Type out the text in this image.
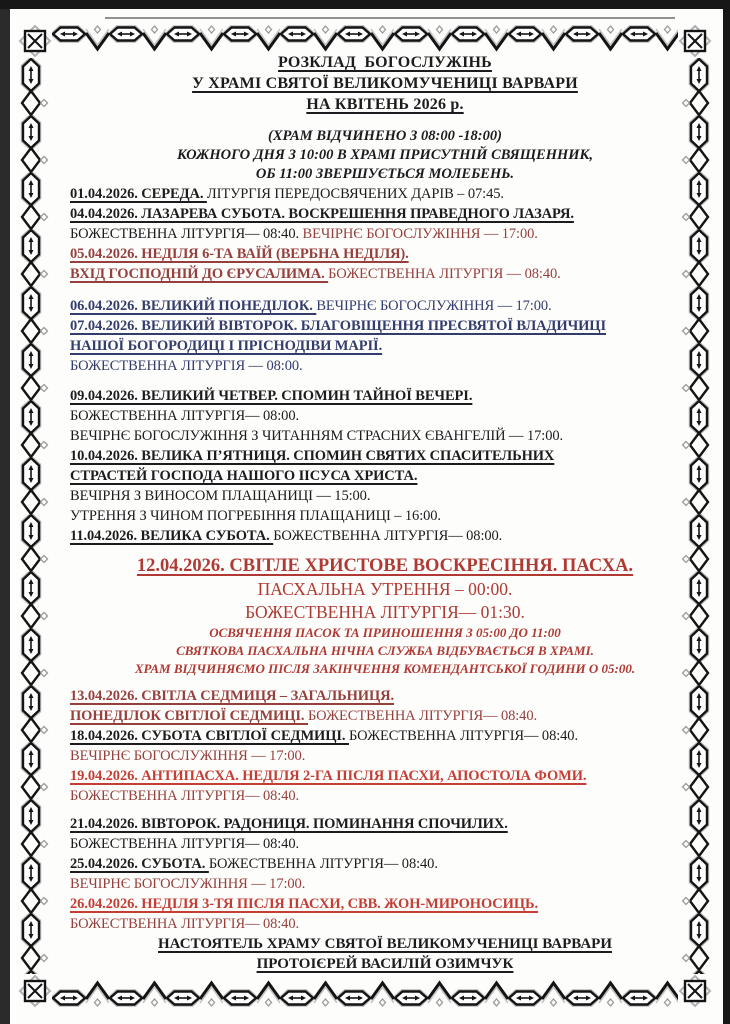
РОЗКЛАД  БОГОСЛУЖІНЬ
У ХРАМІ СВЯТОЇ ВЕЛИКОМУЧЕНИЦІ ВАРВАРИ
НА КВІТЕНЬ 2026 р.
(ХРАМ ВІДЧИНЕНО З 08:00 -18:00)
КОЖНОГО ДНЯ З 10:00 В ХРАМІ ПРИСУТНІЙ СВЯЩЕННИК,
ОБ 11:00 ЗВЕРШУЄТЬСЯ МОЛЕБЕНЬ.
01.04.2026. СЕРЕДА. ЛІТУРГІЯ ПЕРЕДОСВЯЧЕНИХ ДАРІВ – 07:45.
04.04.2026. ЛАЗАРЕВА СУБОТА. ВОСКРЕШЕННЯ ПРАВЕДНОГО ЛАЗАРЯ.
БОЖЕСТВЕННА ЛІТУРГІЯ— 08:40. ВЕЧІРНЄ БОГОСЛУЖІННЯ — 17:00.
05.04.2026. НЕДІЛЯ 6-ТА ВАЇЙ (ВЕРБНА НЕДІЛЯ).
ВХІД ГОСПОДНІЙ ДО ЄРУСАЛИМА. БОЖЕСТВЕННА ЛІТУРГІЯ — 08:40.
06.04.2026. ВЕЛИКИЙ ПОНЕДІЛОК. ВЕЧІРНЄ БОГОСЛУЖІННЯ — 17:00.
07.04.2026. ВЕЛИКИЙ ВІВТОРОК. БЛАГОВІЩЕННЯ ПРЕСВЯТОЇ ВЛАДИЧИЦІ
НАШОЇ БОГОРОДИЦІ І ПРІСНОДІВИ МАРІЇ.
БОЖЕСТВЕННА ЛІТУРГІЯ — 08:00.
09.04.2026. ВЕЛИКИЙ ЧЕТВЕР. СПОМИН ТАЙНОЇ ВЕЧЕРІ.
БОЖЕСТВЕННА ЛІТУРГІЯ— 08:00.
ВЕЧІРНЄ БОГОСЛУЖІННЯ З ЧИТАННЯМ СТРАСНИХ ЄВАНГЕЛІЙ — 17:00.
10.04.2026. ВЕЛИКА П’ЯТНИЦЯ. СПОМИН СВЯТИХ СПАСИТЕЛЬНИХ
СТРАСТЕЙ ГОСПОДА НАШОГО ІІСУСА ХРИСТА.
ВЕЧІРНЯ З ВИНОСОМ ПЛАЩАНИЦІ — 15:00.
УТРЕННЯ З ЧИНОМ ПОГРЕБІННЯ ПЛАЩАНИЦІ – 16:00.
11.04.2026. ВЕЛИКА СУБОТА. БОЖЕСТВЕННА ЛІТУРГІЯ— 08:00.
12.04.2026. СВІТЛЕ ХРИСТОВЕ ВОСКРЕСІННЯ. ПАСХА.
ПАСХАЛЬНА УТРЕННЯ – 00:00.
БОЖЕСТВЕННА ЛІТУРГІЯ— 01:30.
ОСВЯЧЕННЯ ПАСОК ТА ПРИНОШЕННЯ З 05:00 ДО 11:00
СВЯТКОВА ПАСХАЛЬНА НІЧНА СЛУЖБА ВІДБУВАЄТЬСЯ В ХРАМІ.
ХРАМ ВІДЧИНЯЄМО ПІСЛЯ ЗАКІНЧЕННЯ КОМЕНДАНТСЬКОЇ ГОДИНИ О 05:00.
13.04.2026. СВІТЛА СЕДМИЦЯ – ЗАГАЛЬНИЦЯ.
ПОНЕДІЛОК СВІТЛОЇ СЕДМИЦІ. БОЖЕСТВЕННА ЛІТУРГІЯ— 08:40.
18.04.2026. СУБОТА СВІТЛОЇ СЕДМИЦІ. БОЖЕСТВЕННА ЛІТУРГІЯ— 08:40.
ВЕЧІРНЄ БОГОСЛУЖІННЯ — 17:00.
19.04.2026. АНТИПАСХА. НЕДІЛЯ 2-ГА ПІСЛЯ ПАСХИ, АПОСТОЛА ФОМИ.
БОЖЕСТВЕННА ЛІТУРГІЯ— 08:40.
21.04.2026. ВІВТОРОК. РАДОНИЦЯ. ПОМИНАННЯ СПОЧИЛИХ.
БОЖЕСТВЕННА ЛІТУРГІЯ— 08:40.
25.04.2026. СУБОТА. БОЖЕСТВЕННА ЛІТУРГІЯ— 08:40.
ВЕЧІРНЄ БОГОСЛУЖІННЯ — 17:00.
26.04.2026. НЕДІЛЯ 3-ТЯ ПІСЛЯ ПАСХИ, СВВ. ЖОН-МИРОНОСИЦЬ.
БОЖЕСТВЕННА ЛІТУРГІЯ— 08:40.
НАСТОЯТЕЛЬ ХРАМУ СВЯТОЇ ВЕЛИКОМУЧЕНИЦІ ВАРВАРИ
ПРОТОІЄРЕЙ ВАСИЛІЙ ОЗИМЧУК
